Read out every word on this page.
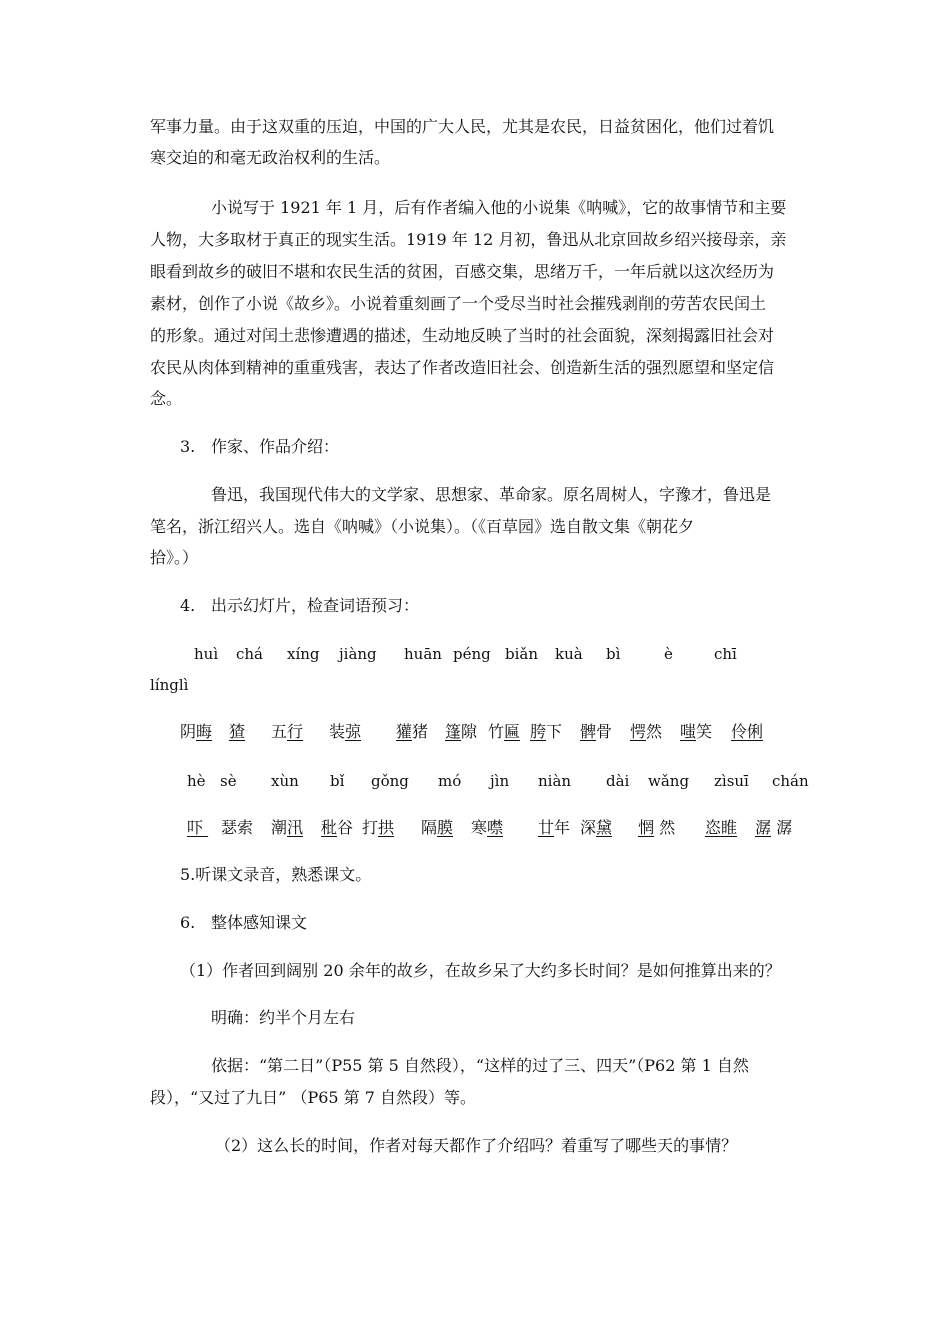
军事力量。由于这双重的压迫，中国的广大人民，尤其是农民，日益贫困化，他们过着饥
寒交迫的和毫无政治权利的生活。
小说写于 1921 年 1 月，后有作者编入他的小说集《呐喊》，它的故事情节和主要
人物，大多取材于真正的现实生活。1919 年 12 月初，鲁迅从北京回故乡绍兴接母亲，亲
眼看到故乡的破旧不堪和农民生活的贫困，百感交集，思绪万千，一年后就以这次经历为
素材，创作了小说《故乡》。小说着重刻画了一个受尽当时社会摧残剥削的劳苦农民闰土
的形象。通过对闰土悲惨遭遇的描述，生动地反映了当时的社会面貌，深刻揭露旧社会对
农民从肉体到精神的重重残害，表达了作者改造旧社会、创造新生活的强烈愿望和坚定信
念。
3. 作家、作品介绍：
鲁迅，我国现代伟大的文学家、思想家、革命家。原名周树人，字豫才，鲁迅是
笔名，浙江绍兴人。选自《呐喊》（小说集）。（《百草园》选自散文集《朝花夕
拾》。）
4. 出示幻灯片，检查词语预习：
huì chá xíng jiàng huān péng biǎn kuà bì	è	chī
línglì
阴晦 猹 五行 装弶 獾猪 篷隙 竹匾 胯下 髀骨 愕然 嗤笑 伶俐
hè sè xùn bǐ gǒng mó jìn niàn dài wǎng zìsuī chán
吓	瑟索 潮汛 秕谷 打拱 隔膜 寒噤 廿年 深黛 惘 然 恣睢 潺 潺
5.听课文录音，熟悉课文。
6. 整体感知课文
（1）作者回到阔别 20 余年的故乡，在故乡呆了大约多长时间？是如何推算出来的？
明确：约半个月左右
依据：“第二日”（P55 第 5 自然段），“这样的过了三、四天”（P62 第 1 自然
段），“又过了九日” （P65 第 7 自然段）等。
（2）这么长的时间，作者对每天都作了介绍吗？着重写了哪些天的事情？
